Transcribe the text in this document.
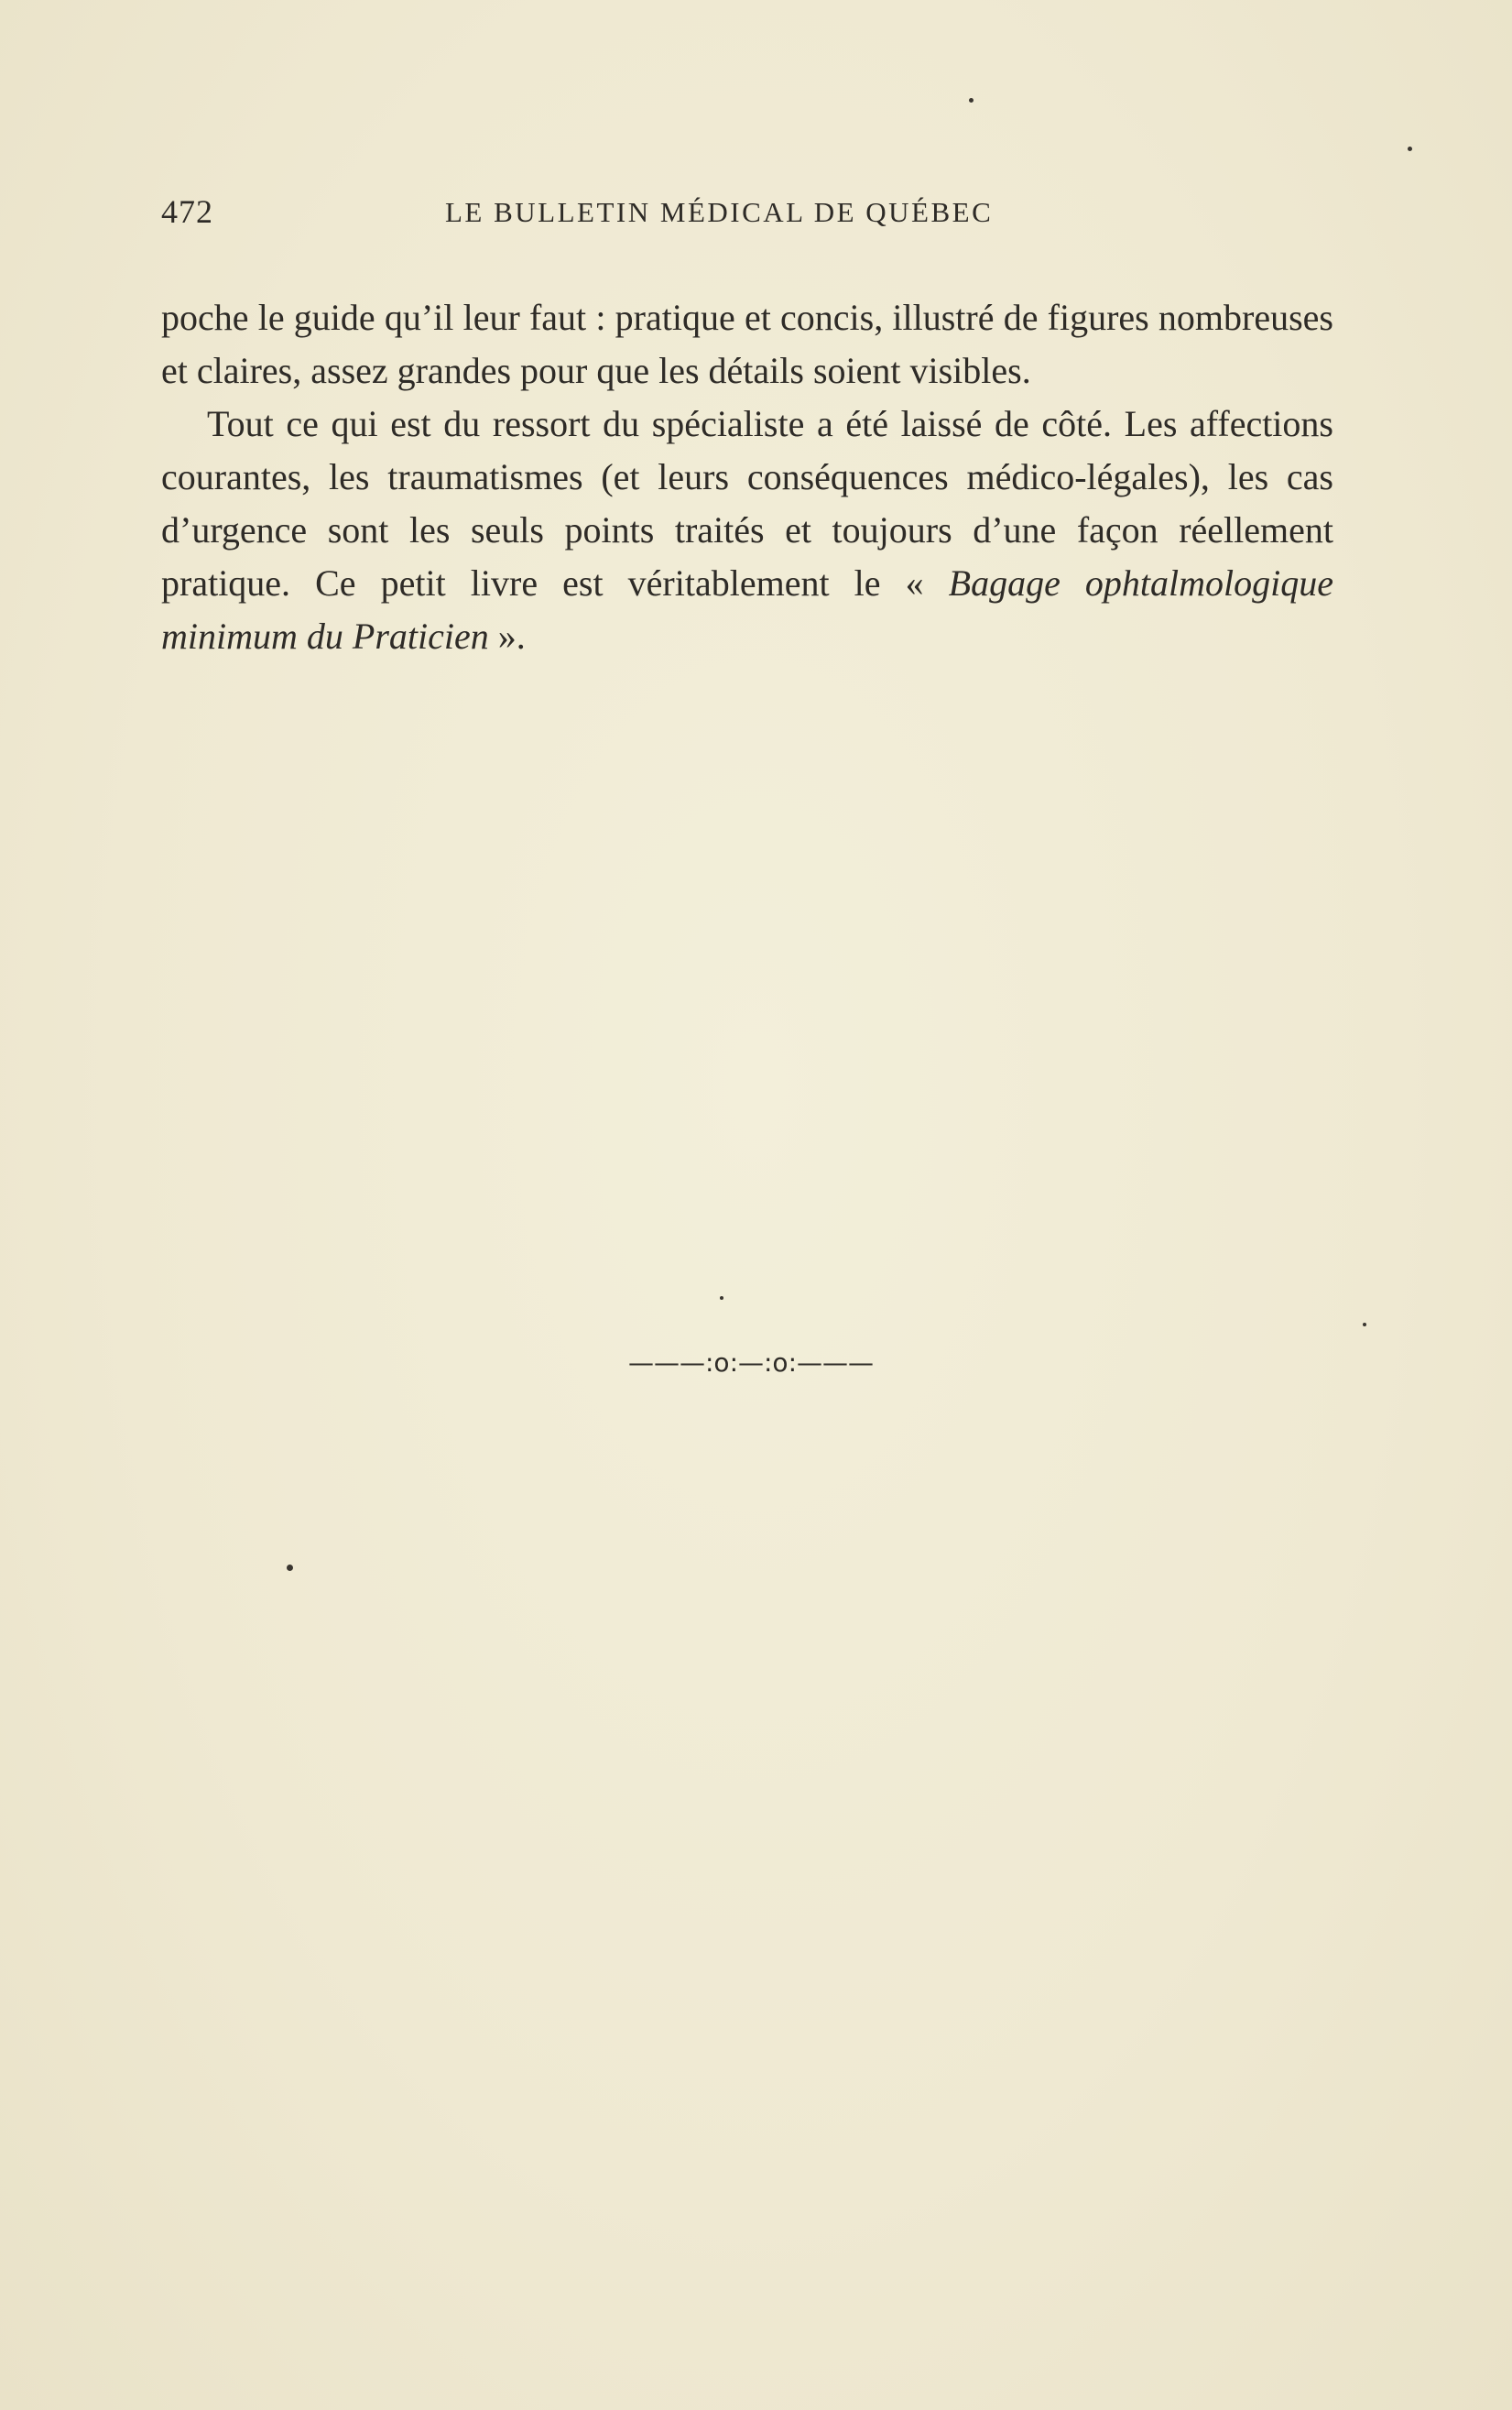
472	LE BULLETIN MÉDICAL DE QUÉBEC

poche le guide qu’il leur faut : pratique et concis, illustré de figures nombreuses et claires, assez grandes pour que les détails soient visibles.

Tout ce qui est du ressort du spécialiste a été laissé de côté. Les affections courantes, les traumatismes (et leurs conséquences médico-légales), les cas d’urgence sont les seuls points traités et toujours d’une façon réellement pratique. Ce petit livre est véritablement le « Bagage ophtalmologique minimum du Praticien ».

———:o:—:o:———
